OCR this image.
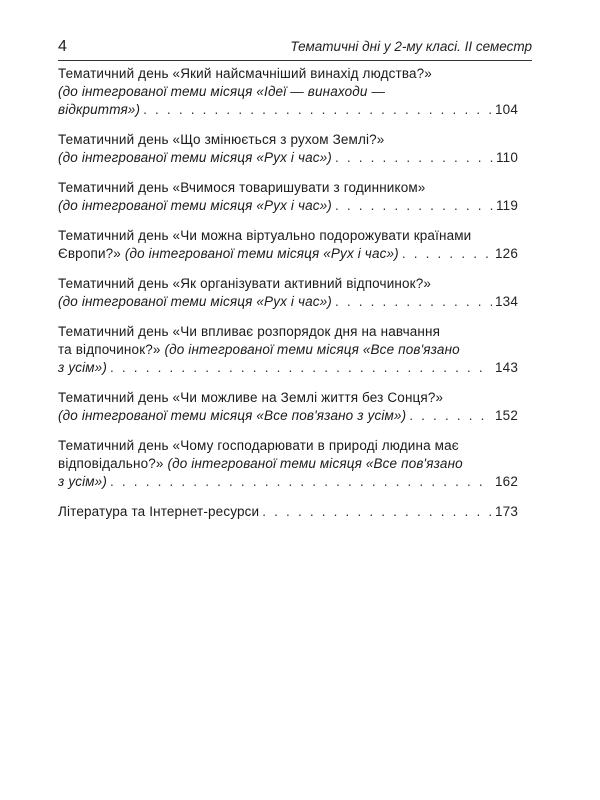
4	Тематичні дні у 2-му класі. ІІ семестр
Тематичний день «Який найсмачніший винахід людства?»
(до інтегрованої теми місяця «Ідеї — винаходи —
відкриття») . . .	104
Тематичний день «Що змінюється з рухом Землі?»
(до інтегрованої теми місяця «Рух і час») . . .	110
Тематичний день «Вчимося товаришувати з годинником»
(до інтегрованої теми місяця «Рух і час») . . .	119
Тематичний день «Чи можна віртуально подорожувати країнами
Європи?» (до інтегрованої теми місяця «Рух і час») . . .	126
Тематичний день «Як організувати активний відпочинок?»
(до інтегрованої теми місяця «Рух і час») . . .	134
Тематичний день «Чи впливає розпорядок дня на навчання
та відпочинок?» (до інтегрованої теми місяця «Все пов'язано
з усім») . . .	143
Тематичний день «Чи можливе на Землі життя без Сонця?»
(до інтегрованої теми місяця «Все пов'язано з усім») . . .	152
Тематичний день «Чому господарювати в природі людина має
відповідально?» (до інтегрованої теми місяця «Все пов'язано
з усім») . . .	162
Література та Інтернет-ресурси . . .	173
